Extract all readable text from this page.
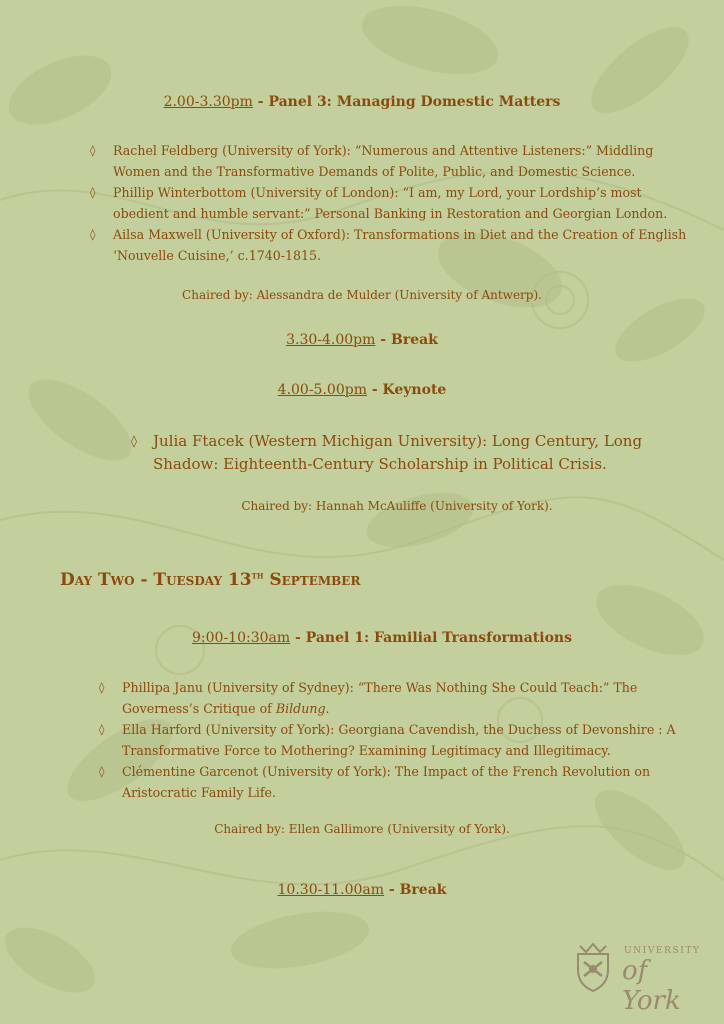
2.00-3.30pm - Panel 3: Managing Domestic Matters
◊ Rachel Feldberg (University of York): “Numerous and Attentive Listeners:” Middling
Women and the Transformative Demands of Polite, Public, and Domestic Science.
◊ Phillip Winterbottom (University of London): “I am, my Lord, your Lordship’s most
obedient and humble servant:” Personal Banking in Restoration and Georgian London.
◊ Ailsa Maxwell (University of Oxford): Transformations in Diet and the Creation of English
‘Nouvelle Cuisine,’ c.1740-1815.
Chaired by: Alessandra de Mulder (University of Antwerp).
3.30-4.00pm - Break
4.00-5.00pm - Keynote
◊ Julia Ftacek (Western Michigan University): Long Century, Long
Shadow: Eighteenth-Century Scholarship in Political Crisis.
Chaired by: Hannah McAuliffe (University of York).
Day Two - Tuesday 13th September
9:00-10:30am - Panel 1: Familial Transformations
◊ Phillipa Janu (University of Sydney): “There Was Nothing She Could Teach:” The
Governess’s Critique of Bildung.
◊ Ella Harford (University of York): Georgiana Cavendish, the Duchess of Devonshire : A
Transformative Force to Mothering? Examining Legitimacy and Illegitimacy.
◊ Clémentine Garcenot (University of York): The Impact of the French Revolution on
Aristocratic Family Life.
Chaired by: Ellen Gallimore (University of York).
10.30-11.00am - Break
UNIVERSITY
of York
